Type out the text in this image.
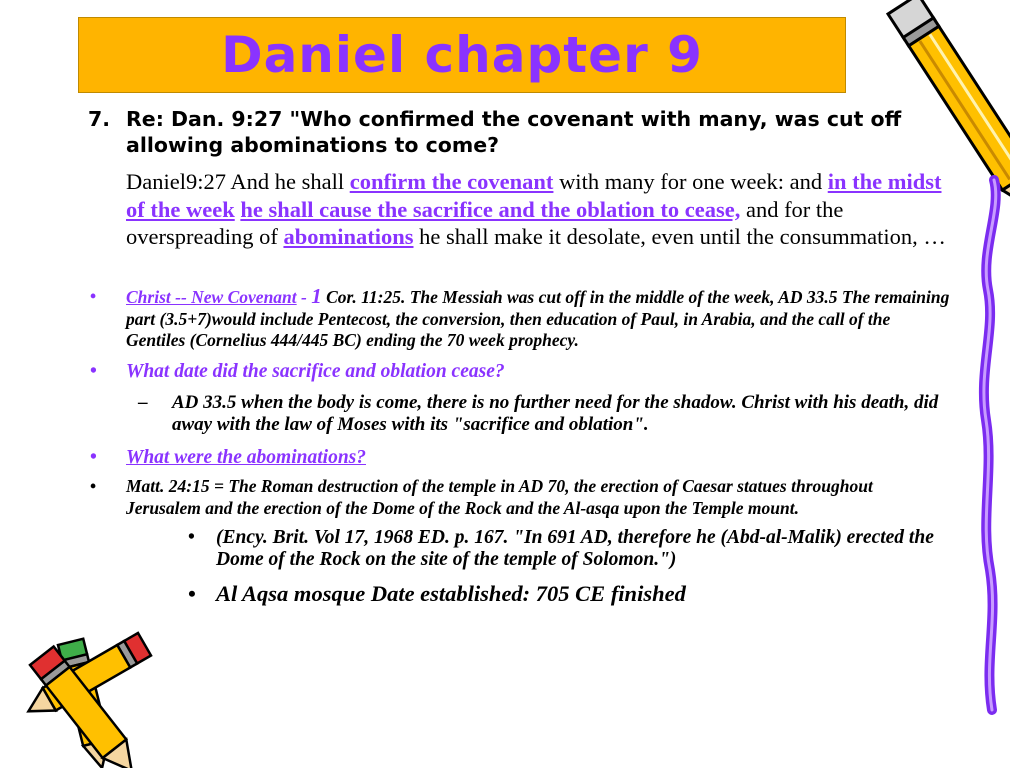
Daniel chapter 9
7. Re: Dan. 9:27 "Who confirmed the covenant with many, was cut off allowing abominations to come?
Daniel9:27 And he shall confirm the covenant with many for one week: and in the midst of the week he shall cause the sacrifice and the oblation to cease, and for the overspreading of abominations he shall make it desolate, even until the consummation, …
• Christ -- New Covenant - 1 Cor. 11:25. The Messiah was cut off in the middle of the week, AD 33.5 The remaining part (3.5+7)would include Pentecost, the conversion, then education of Paul, in Arabia, and the call of the Gentiles (Cornelius 444/445 BC) ending the 70 week prophecy.
• What date did the sacrifice and oblation cease?
– AD 33.5 when the body is come, there is no further need for the shadow. Christ with his death, did away with the law of Moses with its "sacrifice and oblation".
• What were the abominations?
• Matt. 24:15 = The Roman destruction of the temple in AD 70, the erection of Caesar statues throughout Jerusalem and the erection of the Dome of the Rock and the Al-asqa upon the Temple mount.
• (Ency. Brit. Vol 17, 1968 ED. p. 167. "In 691 AD, therefore he (Abd-al-Malik) erected the Dome of the Rock on the site of the temple of Solomon.")
• Al Aqsa mosque Date established: 705 CE finished
